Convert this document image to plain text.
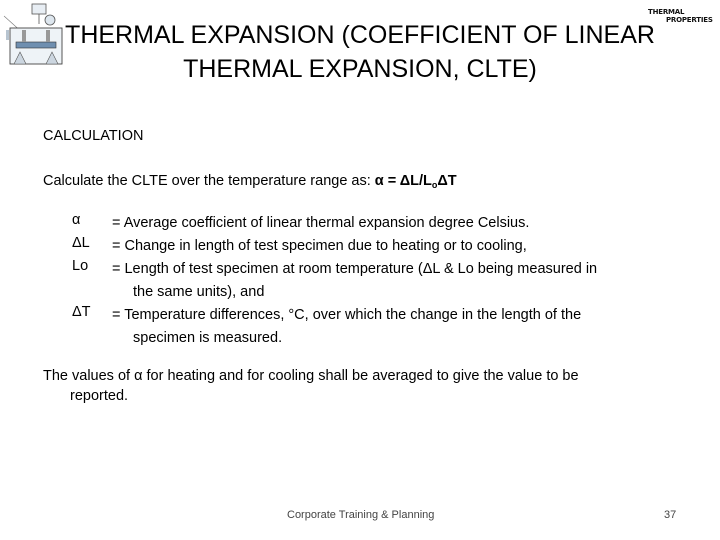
THERMAL
PROPERTIES
THERMAL EXPANSION (COEFFICIENT OF LINEAR THERMAL EXPANSION, CLTE)
CALCULATION
Calculate the CLTE over the temperature range as: $\alpha = \Delta L/L_o\Delta T$
α	= Average coefficient of linear thermal expansion degree Celsius.
ΔL	= Change in length of test specimen due to heating or to cooling,
Lo	= Length of test specimen at room temperature (ΔL & Lo being measured in
the same units), and
ΔT	= Temperature differences, °C, over which the change in the length of the
specimen is measured.
The values of α for heating and for cooling shall be averaged to give the value to be
reported.
Corporate Training & Planning	37
